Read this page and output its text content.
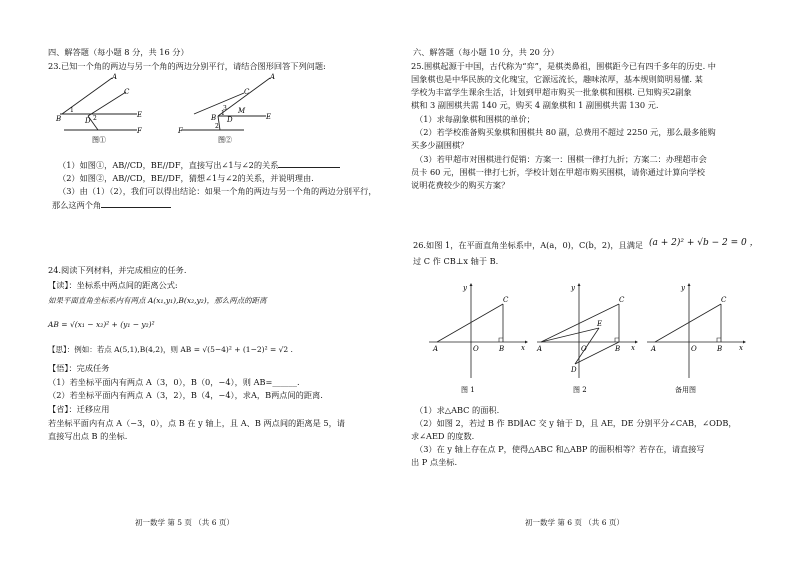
四、解答题（每小题 8 分，共 16 分）
23.已知一个角的两边与另一个角的两边分别平行，请结合图形回答下列问题:
A
C
B	D
E
F
1
2
图①
A
C
B D
M
E
F
1
2
3
图②
（1）如图①，AB//CD，BE//DF，直接写出∠1与∠2的关系
（2）如图②，AB//CD，BE//DF，猜想∠1与∠2的关系，并说明理由.
（3）由（1）（2），我们可以得出结论：如果一个角的两边与另一个角的两边分别平行，
那么这两个角
24.阅读下列材料，并完成相应的任务.
【读】：坐标系中两点间的距离公式:
如果平面直角坐标系内有两点 A(x₁,y₁),B(x₂,y₂)，那么两点的距离
AB = √(x₁ − x₂)² + (y₁ − y₂)²
【思】：例如：若点 A(5,1),B(4,2)，则 AB = √(5−4)² + (1−2)² = √2 .
【悟】：完成任务
（1）若坐标平面内有两点 A（3，0），B（0，−4），则 AB=______.
（2）若坐标平面内有两点 A（3，2），B（4，−4），求A，B两点间的距离.
【省】：迁移应用
若坐标平面内有点 A（−3，0），点 B 在 y 轴上，且 A、B 两点间的距离是 5，请
直接写出点 B 的坐标.
初一数学 第 5 页 （共 6 页）
六、解答题（每小题 10 分，共 20 分）
25.围棋起源于中国，古代称为“弈”，是棋类鼻祖，围棋距今已有四千多年的历史. 中
国象棋也是中华民族的文化瑰宝，它源远流长，趣味浓厚，基本规则简明易懂. 某
学校为丰富学生课余生活，计划到甲超市购买一批象棋和围棋. 已知购买2副象
棋和 3 副围棋共需 140 元，购买 4 副象棋和 1 副围棋共需 130 元.
（1）求每副象棋和围棋的单价；
（2）若学校准备购买象棋和围棋共 80 副，总费用不超过 2250 元，那么最多能购
买多少副围棋？
（3）若甲超市对围棋进行促销：方案一：围棋一律打九折；方案二：办理超市会
员卡 60 元，围棋一律打七折，学校计划在甲超市购买围棋，请你通过计算向学校
说明花费较少的购买方案？
26.如图 1，在平面直角坐标系中，A(a，0)，C(b，2)，且满足 (a + 2)² + √b − 2 = 0 ，
过 C 作 CB⊥x 轴于 B.
y
x
A	O	B
C
图 1
y
x
A	O	B
C
D
E
图 2
y
x
A	O	B
C
备用图
（1）求△ABC 的面积.
（2）如图 2，若过 B 作 BD∥AC 交 y 轴于 D，且 AE，DE 分别平分∠CAB，∠ODB，
求∠AED 的度数.
（3）在 y 轴上存在点 P，使得△ABC 和△ABP 的面积相等？若存在，请直接写
出 P 点坐标.
初一数学 第 6 页 （共 6 页）
